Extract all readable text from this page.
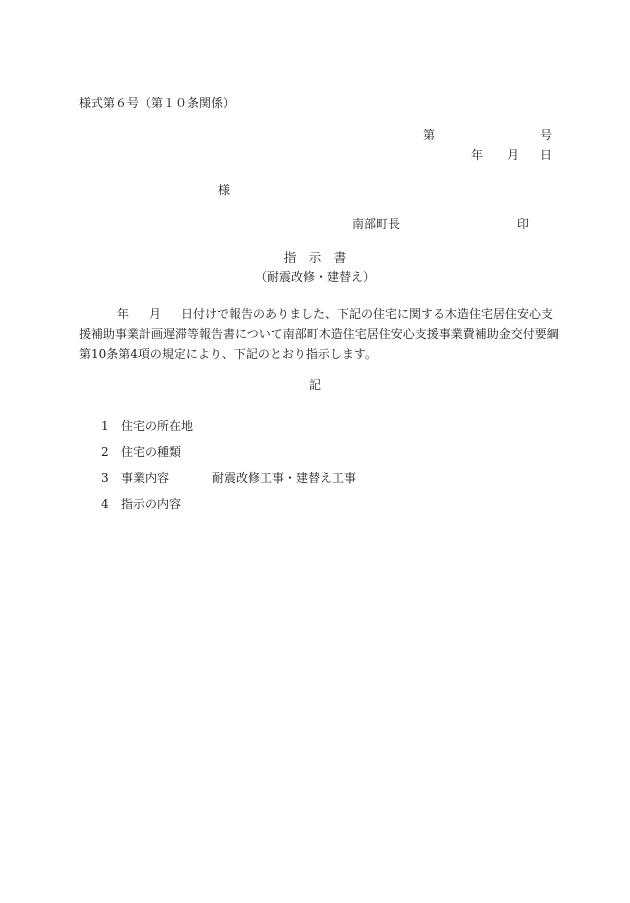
様式第６号（第１０条関係）
第	号
年 月 日
様
南部町長	印
指　示　書
（耐震改修・建替え）
年 月 日付けで報告のありました、下記の住宅に関する木造住宅居住安心支
援補助事業計画遅滞等報告書について南部町木造住宅居住安心支援事業費補助金交付要綱
第10条第4項の規定により、下記のとおり指示します。
記
1	住宅の所在地
2	住宅の種類
3	事業内容	耐震改修工事・建替え工事
4	指示の内容
